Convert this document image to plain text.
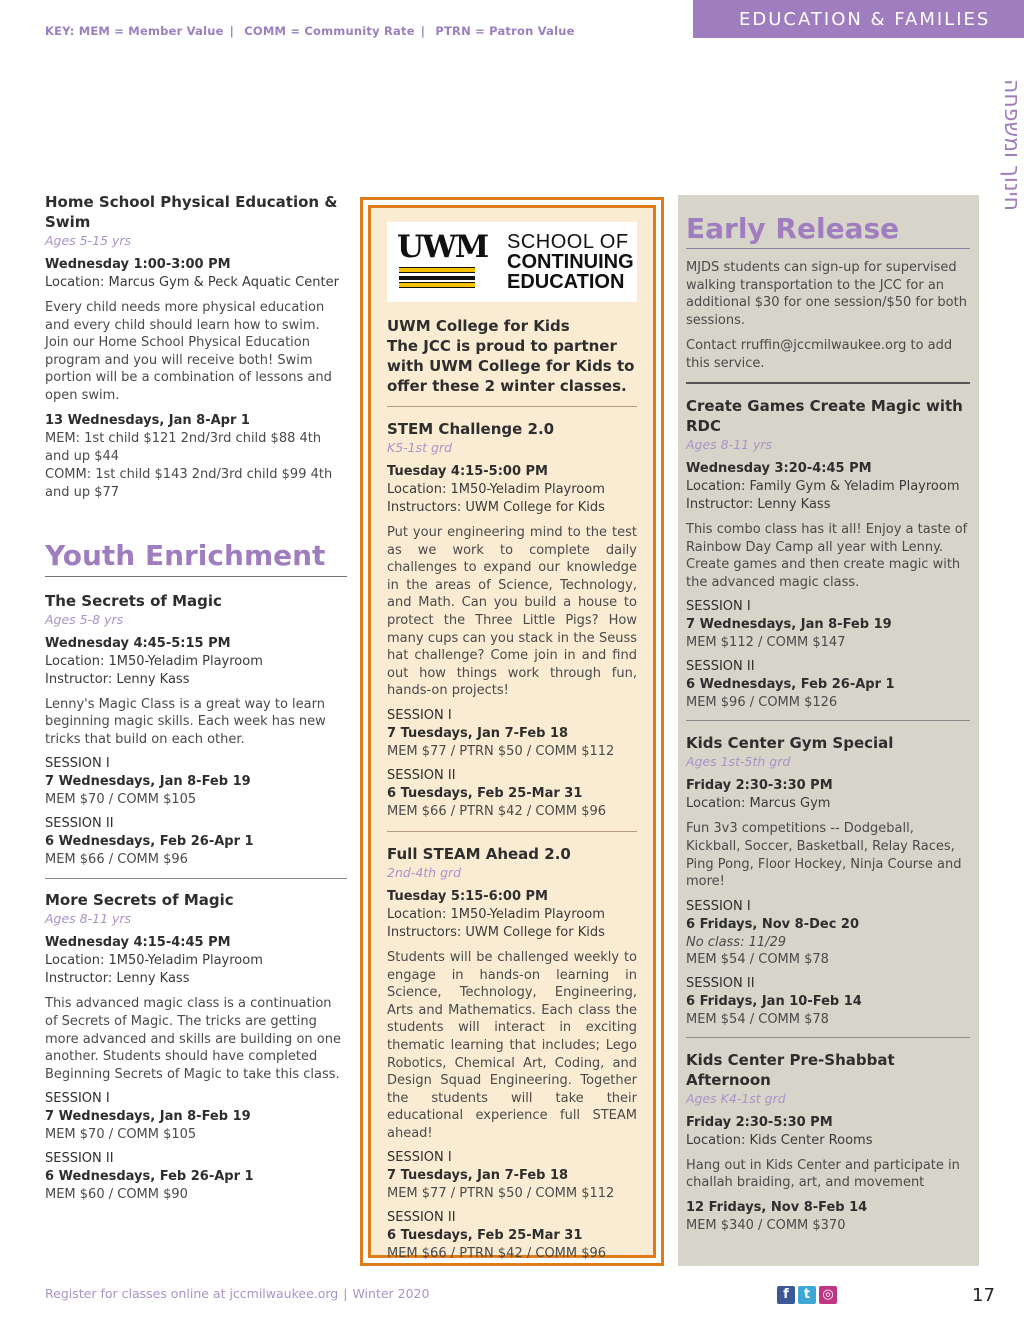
KEY: MEM = Member Value | COMM = Community Rate | PTRN = Patron Value
EDUCATION & FAMILIES
חינוך ומשפחה
Home School Physical Education & Swim
Ages 5-15 yrs
Wednesday 1:00-3:00 PM
Location: Marcus Gym & Peck Aquatic Center
Every child needs more physical education and every child should learn how to swim. Join our Home School Physical Education program and you will receive both! Swim portion will be a combination of lessons and open swim.
13 Wednesdays, Jan 8-Apr 1
MEM: 1st child $121 2nd/3rd child $88 4th and up $44
COMM: 1st child $143 2nd/3rd child $99 4th and up $77
Youth Enrichment
The Secrets of Magic
Ages 5-8 yrs
Wednesday 4:45-5:15 PM
Location: 1M50-Yeladim Playroom
Instructor: Lenny Kass
Lenny's Magic Class is a great way to learn beginning magic skills. Each week has new tricks that build on each other.
SESSION I
7 Wednesdays, Jan 8-Feb 19
MEM $70 / COMM $105
SESSION II
6 Wednesdays, Feb 26-Apr 1
MEM $66 / COMM $96
More Secrets of Magic
Ages 8-11 yrs
Wednesday 4:15-4:45 PM
Location: 1M50-Yeladim Playroom
Instructor: Lenny Kass
This advanced magic class is a continuation of Secrets of Magic. The tricks are getting more advanced and skills are building on one another. Students should have completed Beginning Secrets of Magic to take this class.
SESSION I
7 Wednesdays, Jan 8-Feb 19
MEM $70 / COMM $105
SESSION II
6 Wednesdays, Feb 26-Apr 1
MEM $60 / COMM $90
UWM SCHOOL OF
CONTINUING
EDUCATION
UWM College for Kids
The JCC is proud to partner with UWM College for Kids to offer these 2 winter classes.
STEM Challenge 2.0
K5-1st grd
Tuesday 4:15-5:00 PM
Location: 1M50-Yeladim Playroom
Instructors: UWM College for Kids
Put your engineering mind to the test as we work to complete daily challenges to expand our knowledge in the areas of Science, Technology, and Math. Can you build a house to protect the Three Little Pigs? How many cups can you stack in the Seuss hat challenge? Come join in and find out how things work through fun, hands-on projects!
SESSION I
7 Tuesdays, Jan 7-Feb 18
MEM $77 / PTRN $50 / COMM $112
SESSION II
6 Tuesdays, Feb 25-Mar 31
MEM $66 / PTRN $42 / COMM $96
Full STEAM Ahead 2.0
2nd-4th grd
Tuesday 5:15-6:00 PM
Location: 1M50-Yeladim Playroom
Instructors: UWM College for Kids
Students will be challenged weekly to engage in hands-on learning in Science, Technology, Engineering, Arts and Mathematics. Each class the students will interact in exciting thematic learning that includes; Lego Robotics, Chemical Art, Coding, and Design Squad Engineering. Together the students will take their educational experience full STEAM ahead!
SESSION I
7 Tuesdays, Jan 7-Feb 18
MEM $77 / PTRN $50 / COMM $112
SESSION II
6 Tuesdays, Feb 25-Mar 31
MEM $66 / PTRN $42 / COMM $96
Early Release
MJDS students can sign-up for supervised walking transportation to the JCC for an additional $30 for one session/$50 for both sessions.
Contact rruffin@jccmilwaukee.org to add this service.
Create Games Create Magic with RDC
Ages 8-11 yrs
Wednesday 3:20-4:45 PM
Location: Family Gym & Yeladim Playroom
Instructor: Lenny Kass
This combo class has it all! Enjoy a taste of Rainbow Day Camp all year with Lenny. Create games and then create magic with the advanced magic class.
SESSION I
7 Wednesdays, Jan 8-Feb 19
MEM $112 / COMM $147
SESSION II
6 Wednesdays, Feb 26-Apr 1
MEM $96 / COMM $126
Kids Center Gym Special
Ages 1st-5th grd
Friday 2:30-3:30 PM
Location: Marcus Gym
Fun 3v3 competitions -- Dodgeball, Kickball, Soccer, Basketball, Relay Races, Ping Pong, Floor Hockey, Ninja Course and more!
SESSION I
6 Fridays, Nov 8-Dec 20
No class: 11/29
MEM $54 / COMM $78
SESSION II
6 Fridays, Jan 10-Feb 14
MEM $54 / COMM $78
Kids Center Pre-Shabbat Afternoon
Ages K4-1st grd
Friday 2:30-5:30 PM
Location: Kids Center Rooms
Hang out in Kids Center and participate in challah braiding, art, and movement
12 Fridays, Nov 8-Feb 14
MEM $340 / COMM $370
Register for classes online at jccmilwaukee.org | Winter 2020	f	t ◎	17
